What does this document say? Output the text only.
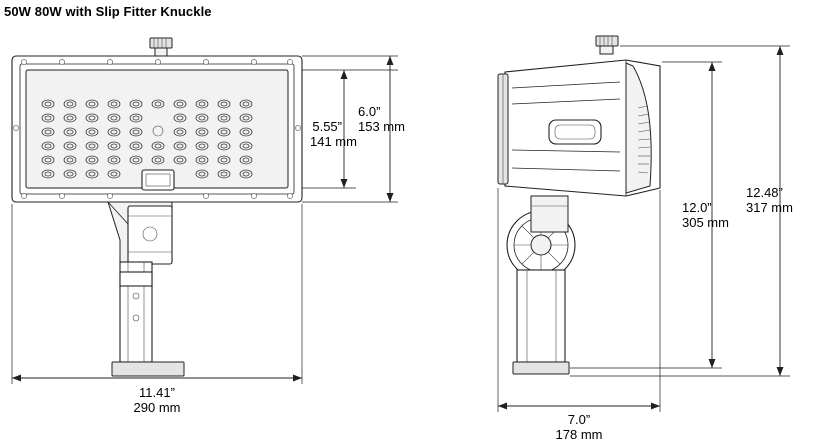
50W 80W with Slip Fitter Knuckle
5.55”
141 mm
6.0”
153 mm
11.41”
290 mm
12.0”
305 mm
12.48”
317 mm
7.0”
178 mm
